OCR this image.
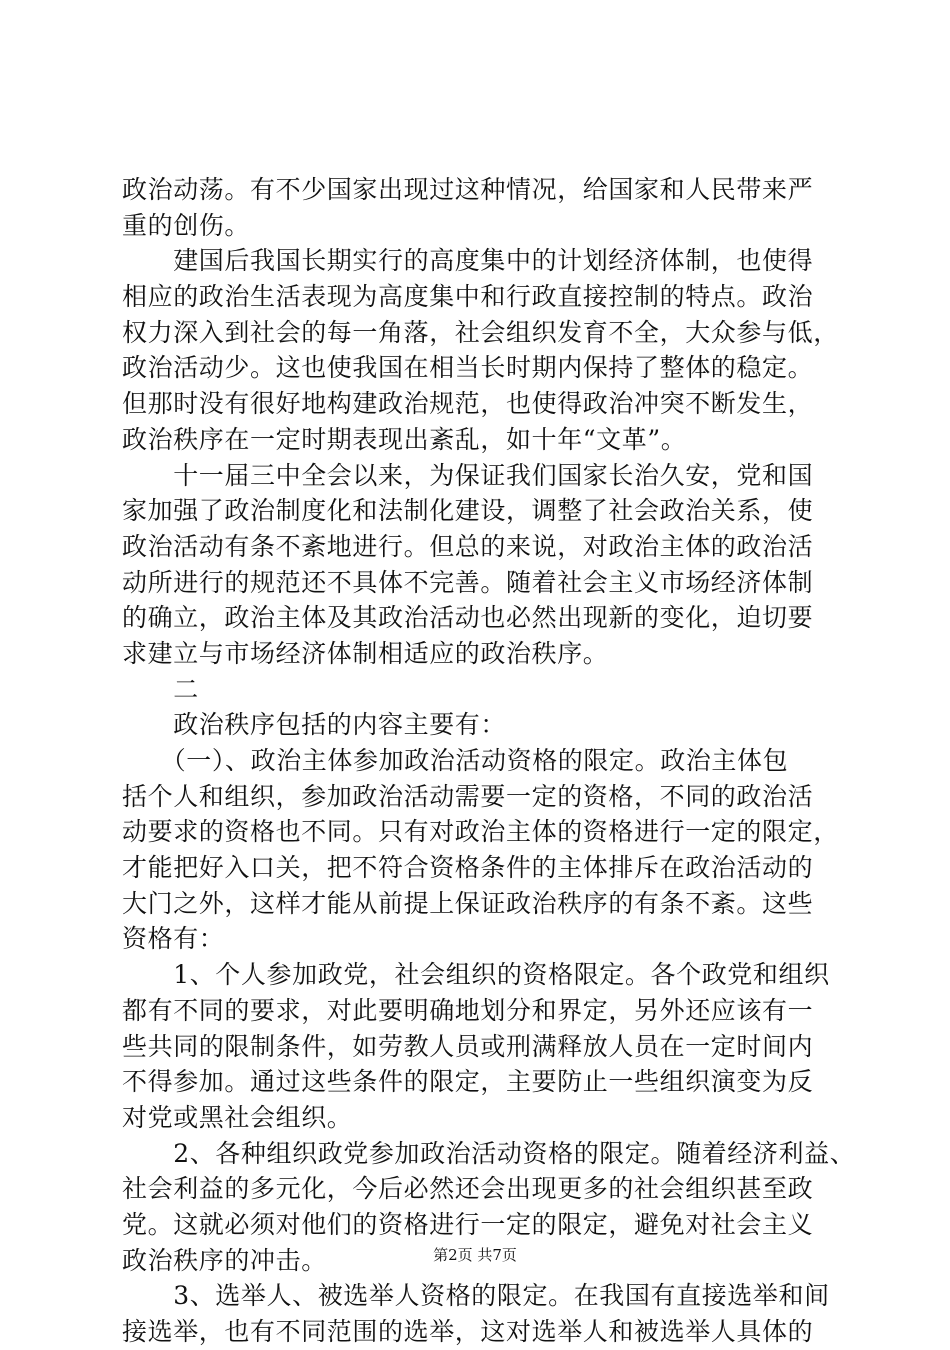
政治动荡。有不少国家出现过这种情况，给国家和人民带来严
重的创伤。
　　建国后我国长期实行的高度集中的计划经济体制，也使得
相应的政治生活表现为高度集中和行政直接控制的特点。政治
权力深入到社会的每一角落，社会组织发育不全，大众参与低，
政治活动少。这也使我国在相当长时期内保持了整体的稳定。
但那时没有很好地构建政治规范，也使得政治冲突不断发生，
政治秩序在一定时期表现出紊乱，如十年“文革”。
　　十一届三中全会以来，为保证我们国家长治久安，党和国
家加强了政治制度化和法制化建设，调整了社会政治关系，使
政治活动有条不紊地进行。但总的来说，对政治主体的政治活
动所进行的规范还不具体不完善。随着社会主义市场经济体制
的确立，政治主体及其政治活动也必然出现新的变化，迫切要
求建立与市场经济体制相适应的政治秩序。
　　二
　　政治秩序包括的内容主要有：
　　（一）、政治主体参加政治活动资格的限定。政治主体包
括个人和组织，参加政治活动需要一定的资格，不同的政治活
动要求的资格也不同。只有对政治主体的资格进行一定的限定，
才能把好入口关，把不符合资格条件的主体排斥在政治活动的
大门之外，这样才能从前提上保证政治秩序的有条不紊。这些
资格有：
　　1、个人参加政党，社会组织的资格限定。各个政党和组织
都有不同的要求，对此要明确地划分和界定，另外还应该有一
些共同的限制条件，如劳教人员或刑满释放人员在一定时间内
不得参加。通过这些条件的限定，主要防止一些组织演变为反
对党或黑社会组织。
　　2、各种组织政党参加政治活动资格的限定。随着经济利益、
社会利益的多元化，今后必然还会出现更多的社会组织甚至政
党。这就必须对他们的资格进行一定的限定，避免对社会主义
政治秩序的冲击。
　　3、选举人、被选举人资格的限定。在我国有直接选举和间
接选举，也有不同范围的选举，这对选举人和被选举人具体的
第2页 共7页
